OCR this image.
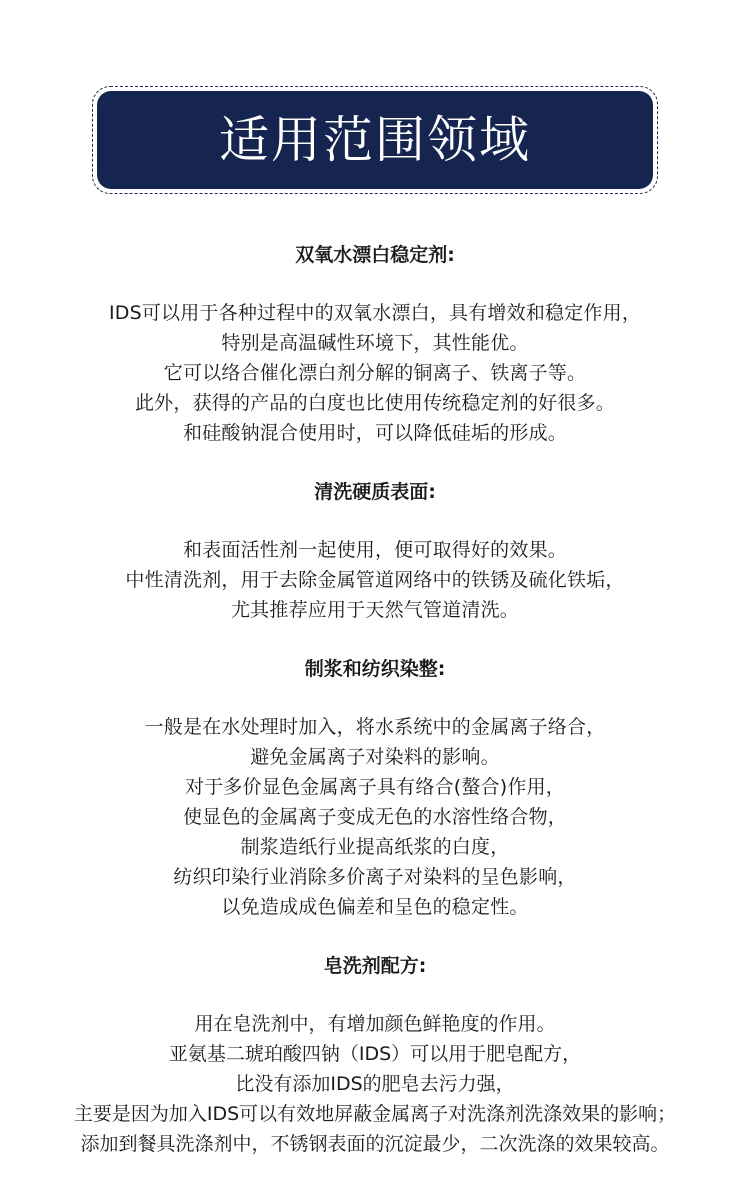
适用范围领域
双氧水漂白稳定剂:
IDS可以用于各种过程中的双氧水漂白，具有增效和稳定作用，
特别是高温碱性环境下，其性能优。
它可以络合催化漂白剂分解的铜离子、铁离子等。
此外，获得的产品的白度也比使用传统稳定剂的好很多。
和硅酸钠混合使用时，可以降低硅垢的形成。
清洗硬质表面:
和表面活性剂一起使用，便可取得好的效果。
中性清洗剂，用于去除金属管道网络中的铁锈及硫化铁垢，
尤其推荐应用于天然气管道清洗。
制浆和纺织染整:
一般是在水处理时加入，将水系统中的金属离子络合，
避免金属离子对染料的影响。
对于多价显色金属离子具有络合(螯合)作用，
使显色的金属离子变成无色的水溶性络合物，
制浆造纸行业提高纸浆的白度，
纺织印染行业消除多价离子对染料的呈色影响，
以免造成成色偏差和呈色的稳定性。
皂洗剂配方:
用在皂洗剂中，有增加颜色鲜艳度的作用。
亚氨基二琥珀酸四钠（IDS）可以用于肥皂配方，
比没有添加IDS的肥皂去污力强，
主要是因为加入IDS可以有效地屏蔽金属离子对洗涤剂洗涤效果的影响；
添加到餐具洗涤剂中，不锈钢表面的沉淀最少，二次洗涤的效果较高。
